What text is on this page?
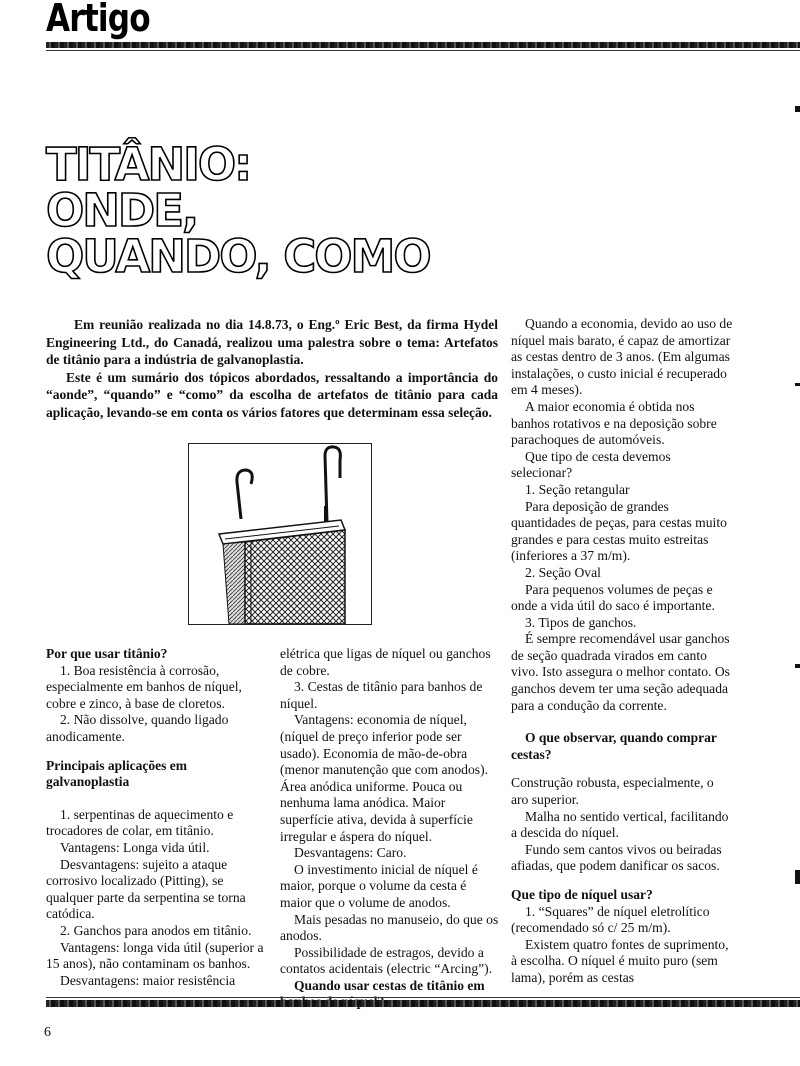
Artigo
TITÂNIO:
ONDE,
QUANDO, COMO

Em reunião realizada no dia 14.8.73, o Eng.º Eric Best, da firma Hydel Engineering Ltd., do Canadá, realizou uma palestra sobre o tema: Artefatos de titânio para a indústria de galvanoplastia.

Este é um sumário dos tópicos abordados, ressaltando a importância do “aonde”, “quando” e “como” da escolha de artefatos de titânio para cada aplicação, levando-se em conta os vários fatores que determinam essa seleção.

Por que usar titânio?

1. Boa resistência à corrosão, especialmente em banhos de níquel, cobre e zinco, à base de cloretos.

2. Não dissolve, quando ligado anodicamente.

Principais aplicações em galvanoplastia

1. serpentinas de aquecimento e trocadores de colar, em titânio.

Vantagens: Longa vida útil.

Desvantagens: sujeito a ataque corrosivo localizado (Pitting), se qualquer parte da serpentina se torna catódica.

2. Ganchos para anodos em titânio.

Vantagens: longa vida útil (superior a 15 anos), não contaminam os banhos.

Desvantagens: maior resistência

elétrica que ligas de níquel ou ganchos de cobre.

3. Cestas de titânio para banhos de níquel.

Vantagens: economia de níquel, (níquel de preço inferior pode ser usado). Economia de mão-de-obra (menor manutenção que com anodos). Área anódica uniforme. Pouca ou nenhuma lama anódica. Maior superfície ativa, devida à superfície irregular e áspera do níquel.

Desvantagens: Caro.

O investimento inicial de níquel é maior, porque o volume da cesta é maior que o volume de anodos.

Mais pesadas no manuseio, do que os anodos.

Possibilidade de estragos, devido a contatos acidentais (electric “Arcing”).

Quando usar cestas de titânio em

Quando a economia, devido ao uso de níquel mais barato, é capaz de amortizar as cestas dentro de 3 anos. (Em algumas instalações, o custo inicial é recuperado em 4 meses).

A maior economia é obtida nos banhos rotativos e na deposição sobre parachoques de automóveis.

Que tipo de cesta devemos selecionar?

1. Seção retangular

Para deposição de grandes quantidades de peças, para cestas muito grandes e para cestas muito estreitas (inferiores a 37 m/m).

2. Seção Oval

Para pequenos volumes de peças e onde a vida útil do saco é importante.

3. Tipos de ganchos.

É sempre recomendável usar ganchos de seção quadrada virados em canto vivo. Isto assegura o melhor contato. Os ganchos devem ter uma seção adequada para a condução da corrente.

O que observar, quando comprar cestas?

Construção robusta, especialmente, o aro superior.

Malha no sentido vertical, facilitando a descida do níquel.

Fundo sem cantos vivos ou beiradas afiadas, que podem danificar os sacos.

Que tipo de níquel usar?

1. “Squares” de níquel eletrolítico (recomendado só c/ 25 m/m).

Existem quatro fontes de suprimento, à escolha. O níquel é muito puro (sem lama), porém as cestas

6
